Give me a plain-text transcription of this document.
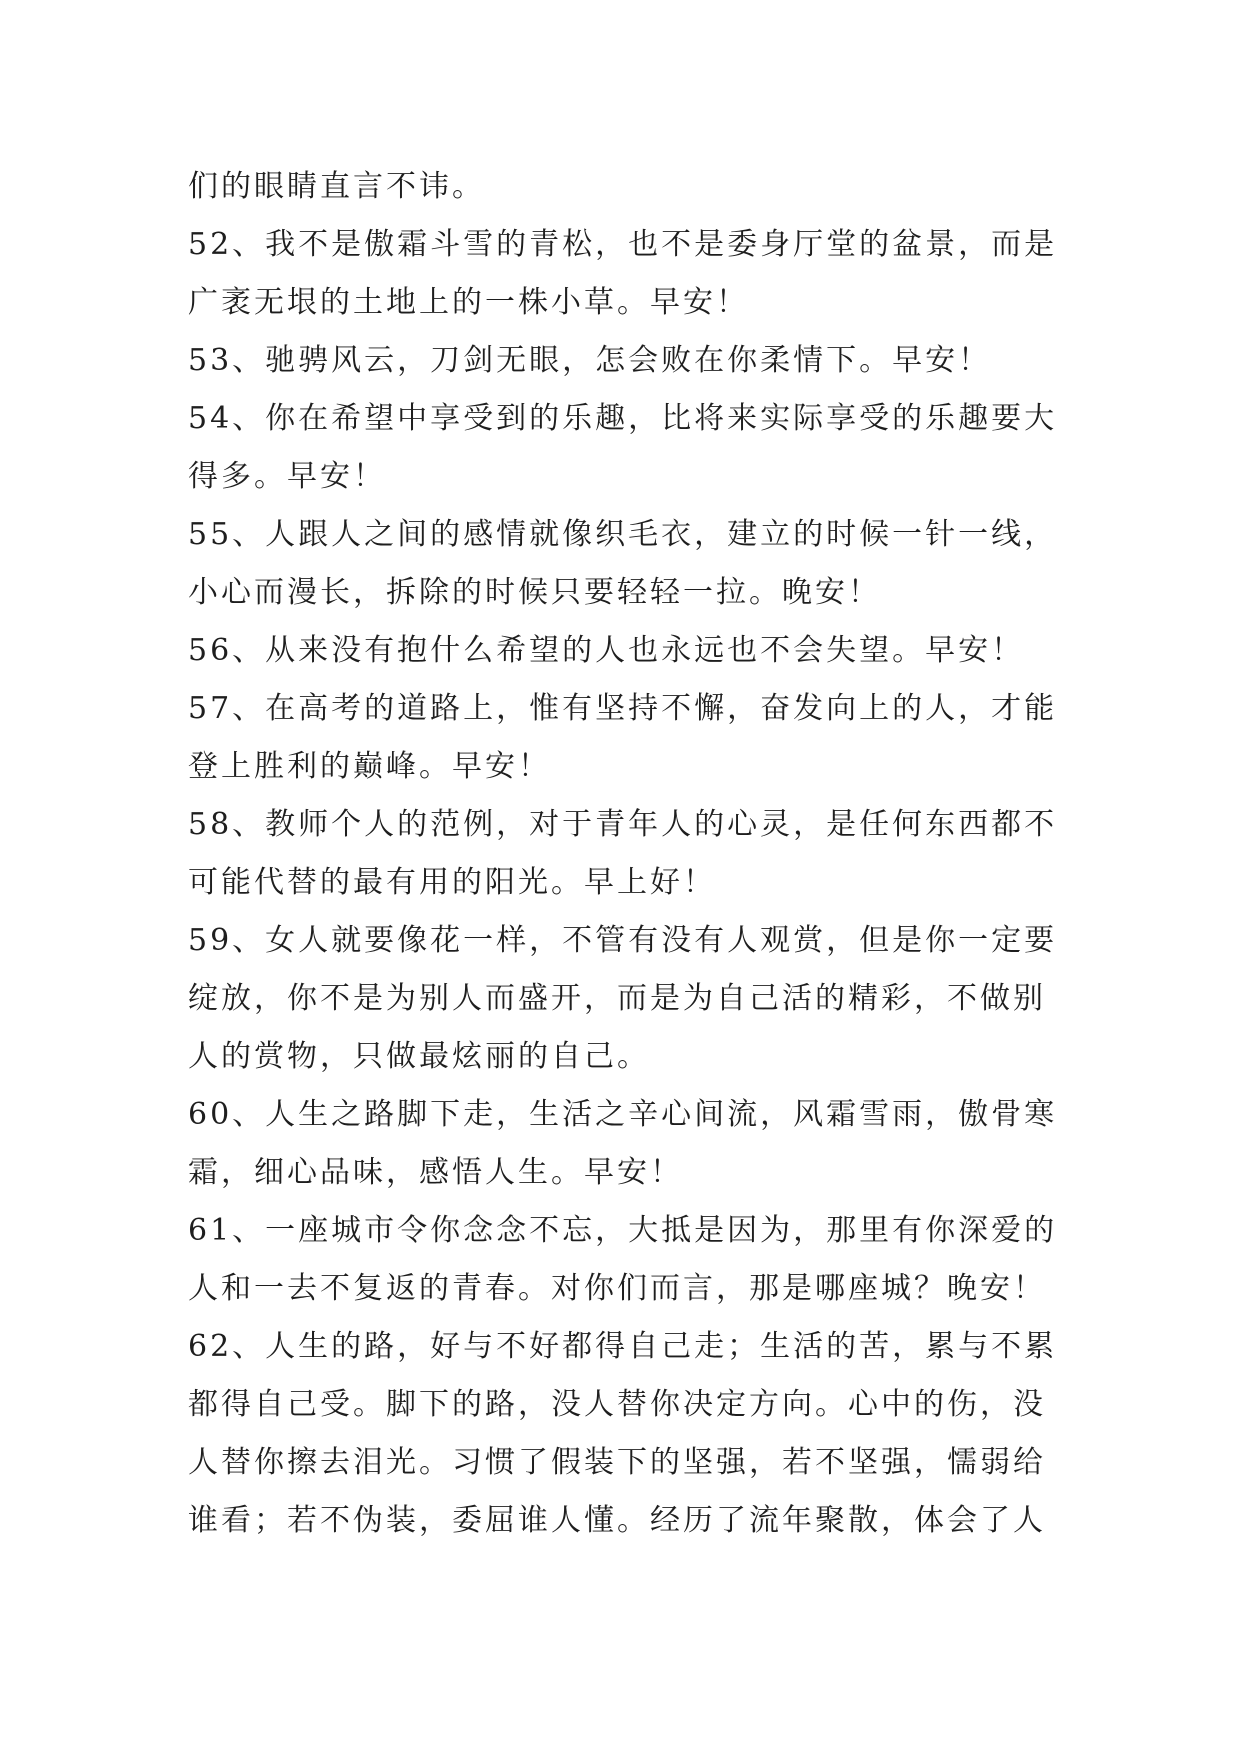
们的眼睛直言不讳。
52、我不是傲霜斗雪的青松，也不是委身厅堂的盆景，而是
广袤无垠的土地上的一株小草。早安！
53、驰骋风云，刀剑无眼，怎会败在你柔情下。早安！
54、你在希望中享受到的乐趣，比将来实际享受的乐趣要大
得多。早安！
55、人跟人之间的感情就像织毛衣，建立的时候一针一线，
小心而漫长，拆除的时候只要轻轻一拉。晚安！
56、从来没有抱什么希望的人也永远也不会失望。早安！
57、在高考的道路上，惟有坚持不懈，奋发向上的人，才能
登上胜利的巅峰。早安！
58、教师个人的范例，对于青年人的心灵，是任何东西都不
可能代替的最有用的阳光。早上好！
59、女人就要像花一样，不管有没有人观赏，但是你一定要
绽放，你不是为别人而盛开，而是为自己活的精彩，不做别
人的赏物，只做最炫丽的自己。
60、人生之路脚下走，生活之辛心间流，风霜雪雨，傲骨寒
霜，细心品味，感悟人生。早安！
61、一座城市令你念念不忘，大抵是因为，那里有你深爱的
人和一去不复返的青春。对你们而言，那是哪座城？晚安！
62、人生的路，好与不好都得自己走；生活的苦，累与不累
都得自己受。脚下的路，没人替你决定方向。心中的伤，没
人替你擦去泪光。习惯了假装下的坚强，若不坚强，懦弱给
谁看；若不伪装，委屈谁人懂。经历了流年聚散，体会了人
